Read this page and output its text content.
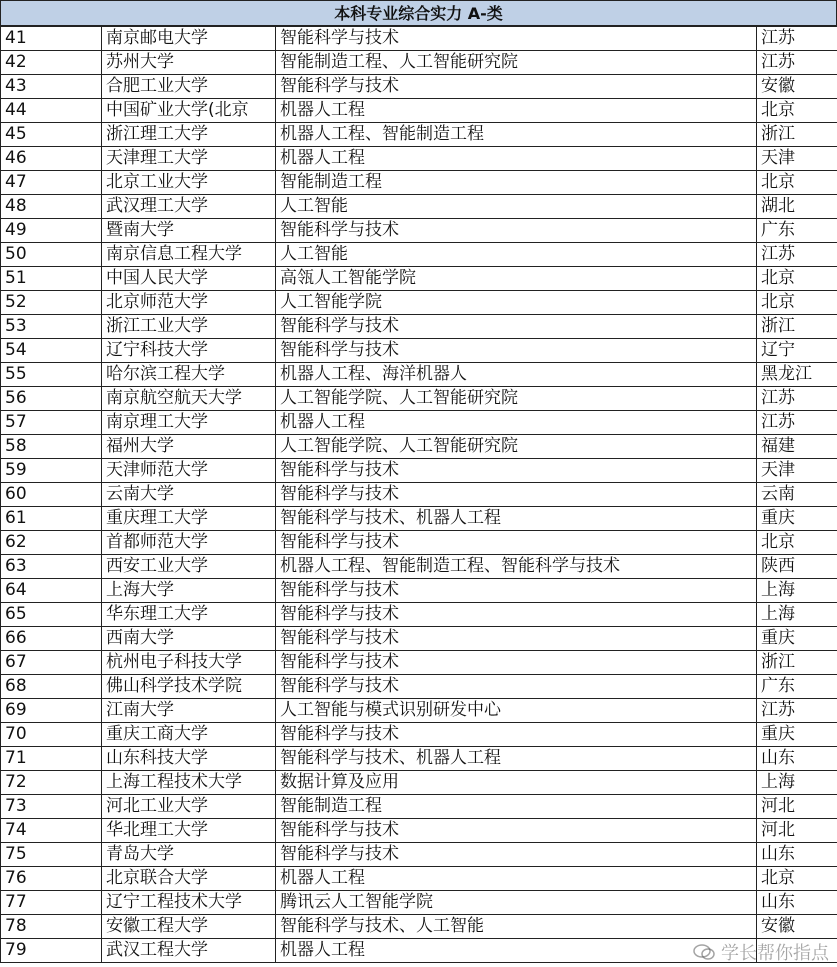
本科专业综合实力 A-类
41	南京邮电大学	智能科学与技术	江苏
42	苏州大学	智能制造工程、人工智能研究院	江苏
43	合肥工业大学	智能科学与技术	安徽
44	中国矿业大学(北京	机器人工程	北京
45	浙江理工大学	机器人工程、智能制造工程	浙江
46	天津理工大学	机器人工程	天津
47	北京工业大学	智能制造工程	北京
48	武汉理工大学	人工智能	湖北
49	暨南大学	智能科学与技术	广东
50	南京信息工程大学	人工智能	江苏
51	中国人民大学	高瓴人工智能学院	北京
52	北京师范大学	人工智能学院	北京
53	浙江工业大学	智能科学与技术	浙江
54	辽宁科技大学	智能科学与技术	辽宁
55	哈尔滨工程大学	机器人工程、海洋机器人	黑龙江
56	南京航空航天大学	人工智能学院、人工智能研究院	江苏
57	南京理工大学	机器人工程	江苏
58	福州大学	人工智能学院、人工智能研究院	福建
59	天津师范大学	智能科学与技术	天津
60	云南大学	智能科学与技术	云南
61	重庆理工大学	智能科学与技术、机器人工程	重庆
62	首都师范大学	智能科学与技术	北京
63	西安工业大学	机器人工程、智能制造工程、智能科学与技术	陕西
64	上海大学	智能科学与技术	上海
65	华东理工大学	智能科学与技术	上海
66	西南大学	智能科学与技术	重庆
67	杭州电子科技大学	智能科学与技术	浙江
68	佛山科学技术学院	智能科学与技术	广东
69	江南大学	人工智能与模式识别研发中心	江苏
70	重庆工商大学	智能科学与技术	重庆
71	山东科技大学	智能科学与技术、机器人工程	山东
72	上海工程技术大学	数据计算及应用	上海
73	河北工业大学	智能制造工程	河北
74	华北理工大学	智能科学与技术	河北
75	青岛大学	智能科学与技术	山东
76	北京联合大学	机器人工程	北京
77	辽宁工程技术大学	腾讯云人工智能学院	山东
78	安徽工程大学	智能科学与技术、人工智能	安徽
79	武汉工程大学	机器人工程		学长帮你指点
